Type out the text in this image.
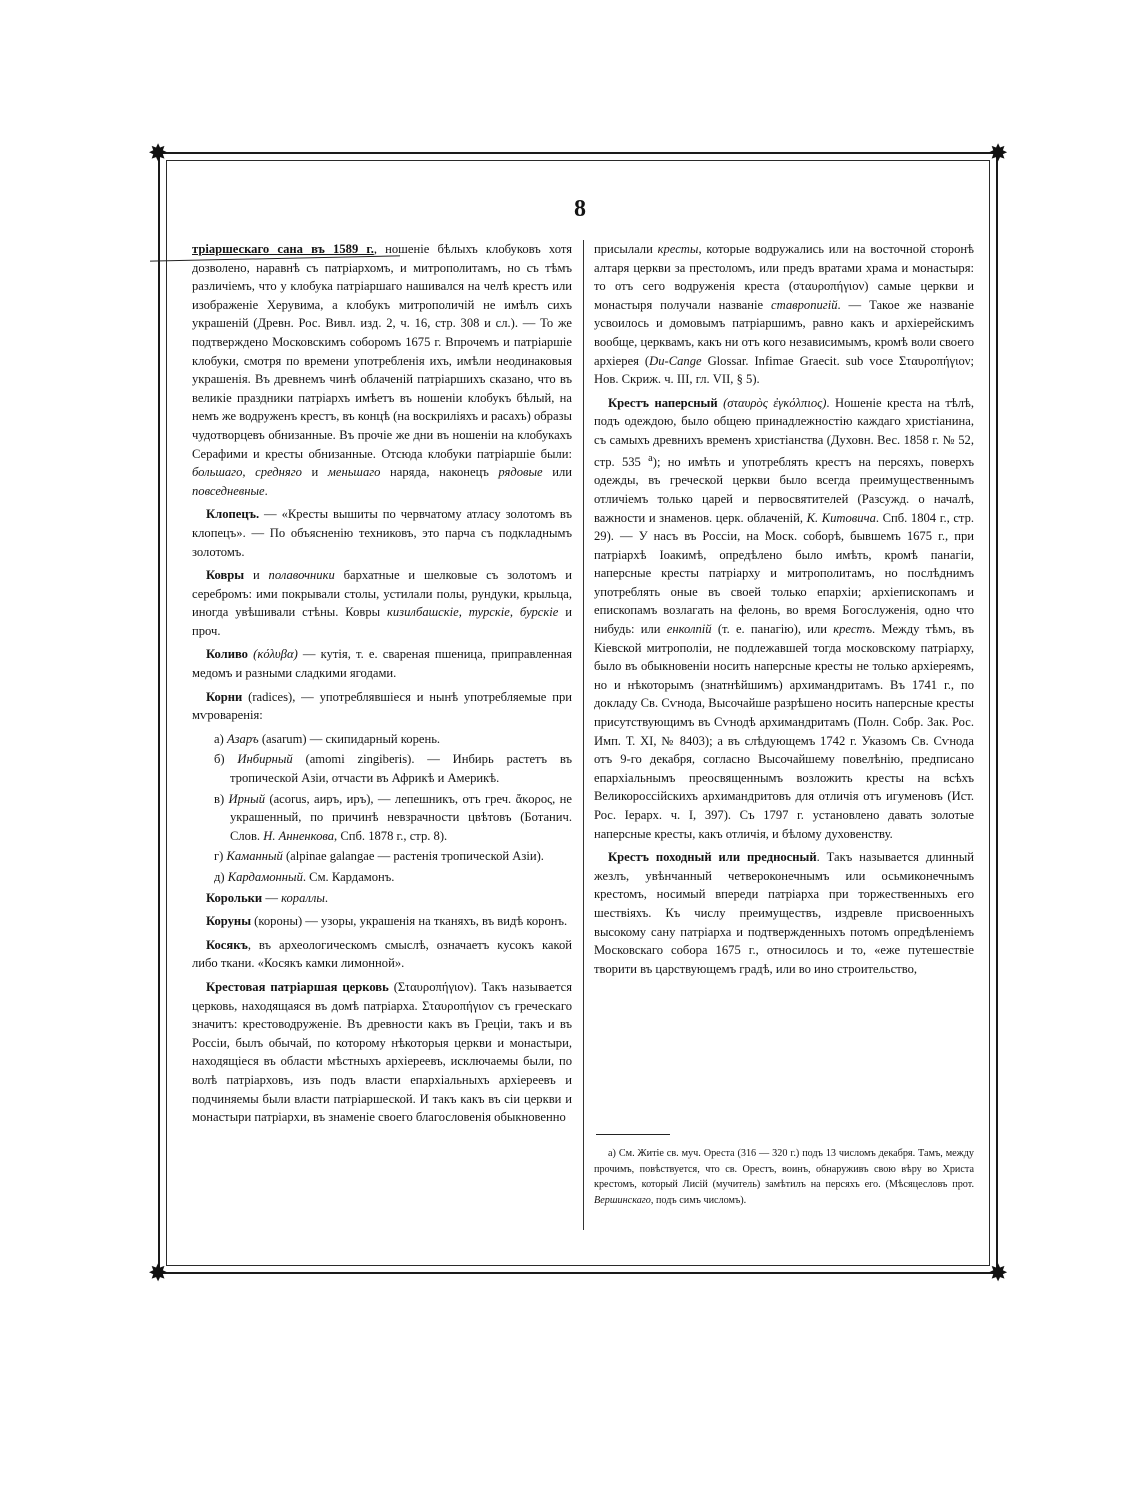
✸	✸
✸	✸
8

тріаршескаго сана въ 1589 г., ношеніе бѣлыхъ клобуковъ хотя дозволено, наравнѣ съ патріархомъ, и митрополитамъ, но съ тѣмъ различіемъ, что у клобука патріаршаго нашивался на челѣ крестъ или изображеніе Херувима, а клобукъ митрополичій не имѣлъ сихъ украшеній (Древн. Рос. Вивл. изд. 2, ч. 16, стр. 308 и сл.). — То же подтверждено Московскимъ соборомъ 1675 г. Впрочемъ и патріаршіе клобуки, смотря по времени употребленія ихъ, имѣли неодинаковыя украшенія. Въ древнемъ чинѣ облаченій патріаршихъ сказано, что въ великіе праздники патріархъ имѣетъ въ ношеніи клобукъ бѣлый, на немъ же водруженъ крестъ, въ концѣ (на воскриліяхъ и расахъ) образы чудотворцевъ обнизанные. Въ прочіе же дни въ ношеніи на клобукахъ Серафими и кресты обнизанные. Отсюда клобуки патріаршіе были: большаго, средняго и меньшаго наряда, наконецъ рядовые или повседневные.

Клопецъ. — «Кресты вышиты по червчатому атласу золотомъ въ клопецъ». — По объясненію техниковъ, это парча съ подкладнымъ золотомъ.

Ковры и полавочники бархатные и шелковые съ золотомъ и серебромъ: ими покрывали столы, устилали полы, рундуки, крыльца, иногда увѣшивали стѣны. Ковры кизилбашскіе, турскіе, бурскіе и проч.

Коливо (κόλυβα) — кутія, т. е. свареная пшеница, приправленная медомъ и разными сладкими ягодами.

Корни (radices), — употреблявшіеся и нынѣ употребляемые при мѵроваренія:

а) Азаръ (asarum) — скипидарный корень.

б) Инбирный (amomi zingiberis). — Инбирь растетъ въ тропической Азіи, отчасти въ Африкѣ и Америкѣ.

в) Ирный (acorus, аиръ, иръ), — лепешникъ, отъ греч. ἄκορος, не украшенный, по причинѣ невзрачности цвѣтовъ (Ботанич. Слов. Н. Анненкова, Спб. 1878 г., стр. 8).

г) Каманный (alpinae galangae — растенія тропической Азіи).

д) Кардамонный. См. Кардамонъ.

Корольки — кораллы.

Коруны (короны) — узоры, украшенія на тканяхъ, въ видѣ коронъ.

Косякъ, въ археологическомъ смыслѣ, означаетъ кусокъ какой либо ткани. «Косякъ камки лимонной».

Крестовая патріаршая церковь (Σταυροπήγιον). Такъ называется церковь, находящаяся въ домѣ патріарха. Σταυροπήγιον съ греческаго значитъ: крестоводруженіе. Въ древности какъ въ Греціи, такъ и въ Россіи, былъ обычай, по которому нѣкоторыя церкви и монастыри, находящіеся въ области мѣстныхъ архіереевъ, исключаемы были, по волѣ патріарховъ, изъ подъ власти епархіальныхъ архіереевъ и подчиняемы были власти патріаршеской. И такъ какъ въ сіи церкви и монастыри патріархи, въ знаменіе своего благословенія обыкновенно

присылали кресты, которые водружались или на восточной сторонѣ алтаря церкви за престоломъ, или предъ вратами храма и монастыря: то отъ сего водруженія креста (σταυροπήγιον) самые церкви и монастыря получали названіе ставропигій. — Такое же названіе усвоилось и домовымъ патріаршимъ, равно какъ и архіерейскимъ вообще, церквамъ, какъ ни отъ кого независимымъ, кромѣ воли своего архіерея (Du-Cange Glossar. Infimae Graecit. sub voce Σταυροπήγιον; Нов. Скриж. ч. III, гл. VII, § 5).

Крестъ наперсный (σταυρὸς ἐγκόλπιος). Ношеніе креста на тѣлѣ, подъ одеждою, было общею принадлежностію каждаго христіанина, съ самыхъ древнихъ временъ христіанства (Духовн. Вес. 1858 г. № 52, стр. 535 $^а$); но имѣть и употреблять крестъ на персяхъ, поверхъ одежды, въ греческой церкви было всегда преимущественнымъ отличіемъ только царей и первосвятителей (Разсужд. о началѣ, важности и знаменов. церк. облаченій, К. Китовича. Спб. 1804 г., стр. 29). — У насъ въ Россіи, на Моск. соборѣ, бывшемъ 1675 г., при патріархѣ Іоакимѣ, опредѣлено было имѣть, кромѣ панагіи, наперсные кресты патріарху и митрополитамъ, но послѣднимъ употреблять оные въ своей только епархіи; архіепископамъ и епископамъ возлагать на фелонь, во время Богослуженія, одно что нибудь: или енколпій (т. е. панагію), или крестъ. Между тѣмъ, въ Кіевской митрополіи, не подлежавшей тогда московскому патріарху, было въ обыкновеніи носить наперсные кресты не только архіереямъ, но и нѣкоторымъ (знатнѣйшимъ) архимандритамъ. Въ 1741 г., по докладу Св. Сѵнода, Высочайше разрѣшено носить наперсные кресты присутствующимъ въ Сѵнодѣ архимандритамъ (Полн. Собр. Зак. Рос. Имп. Т. XI, № 8403); а въ слѣдующемъ 1742 г. Указомъ Св. Сѵнода отъ 9-го декабря, согласно Высочайшему повелѣнію, предписано епархіальнымъ преосвященнымъ возложить кресты на всѣхъ Великороссійскихъ архимандритовъ для отличія отъ игуменовъ (Ист. Рос. Іерарх. ч. I, 397). Съ 1797 г. установлено давать золотые наперсные кресты, какъ отличія, и бѣлому духовенству.

Крестъ походный или предносный. Такъ называется длинный жезлъ, увѣнчанный четвероконечнымъ или осьмиконечнымъ крестомъ, носимый впереди патріарха при торжественныхъ его шествіяхъ. Къ числу преимуществъ, издревле присвоенныхъ высокому сану патріарха и подтвержденныхъ потомъ опредѣленіемъ Московскаго собора 1675 г., относилось и то, «еже путешествіе творити въ царствующемъ градѣ, или во ино строительство,

а) См. Житіе св. муч. Ореста (316 — 320 г.) подъ 13 числомъ декабря. Тамъ, между прочимъ, повѣствуется, что св. Орестъ, воинъ, обнаруживъ свою вѣру во Христа крестомъ, который Лисій (мучитель) замѣтилъ на персяхъ его. (Мѣсяцесловъ прот. Вершинскаго, подъ симъ числомъ).
